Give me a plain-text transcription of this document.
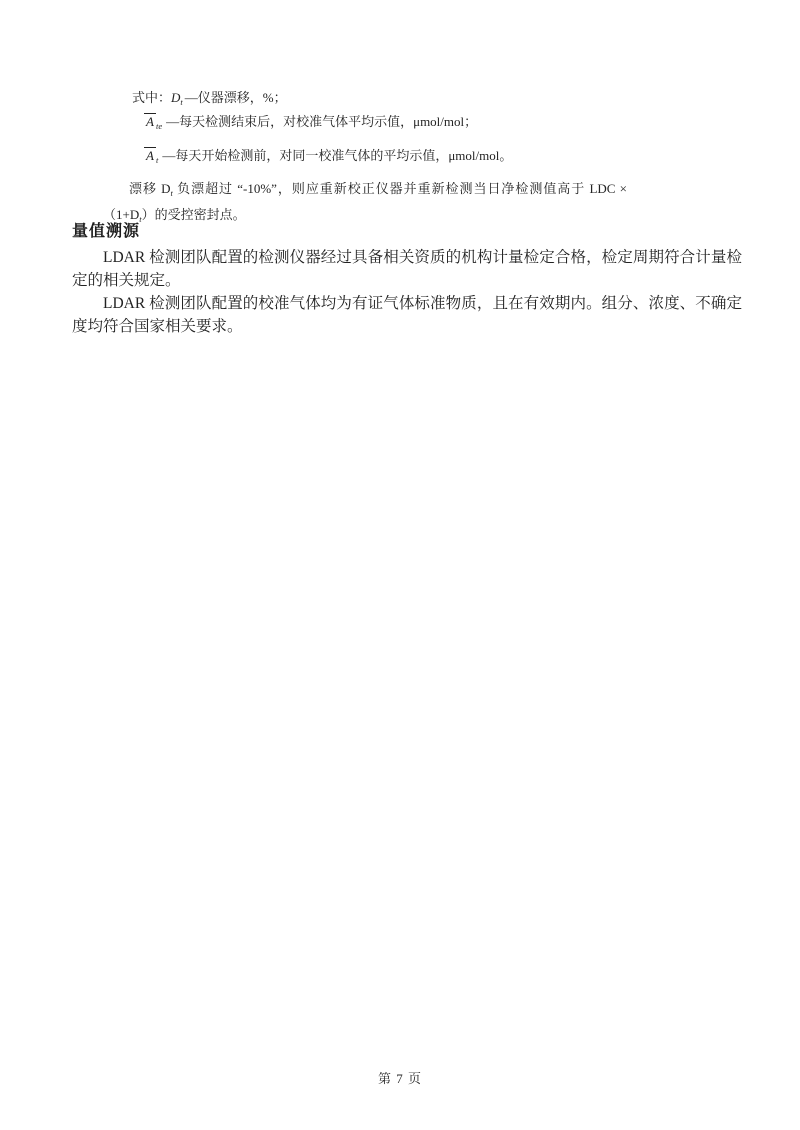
式中：$D_t$ —仪器漂移，%；

A $_{te}$ —每天检测结束后，对校准气体平均示值，μmol/mol；

A $_t$ —每天开始检测前，对同一校准气体的平均示值，μmol/mol。

漂移 $D_t$ 负漂超过 “-10%”，则应重新校正仪器并重新检测当日净检测值高于 LDC $\times(1+D_t)$的受控密封点。

量值溯源

LDAR 检测团队配置的检测仪器经过具备相关资质的机构计量检定合格，检定周期符合计量检定的相关规定。

LDAR 检测团队配置的校准气体均为有证气体标准物质，且在有效期内。组分、浓度、不确定度均符合国家相关要求。

第 7 页
